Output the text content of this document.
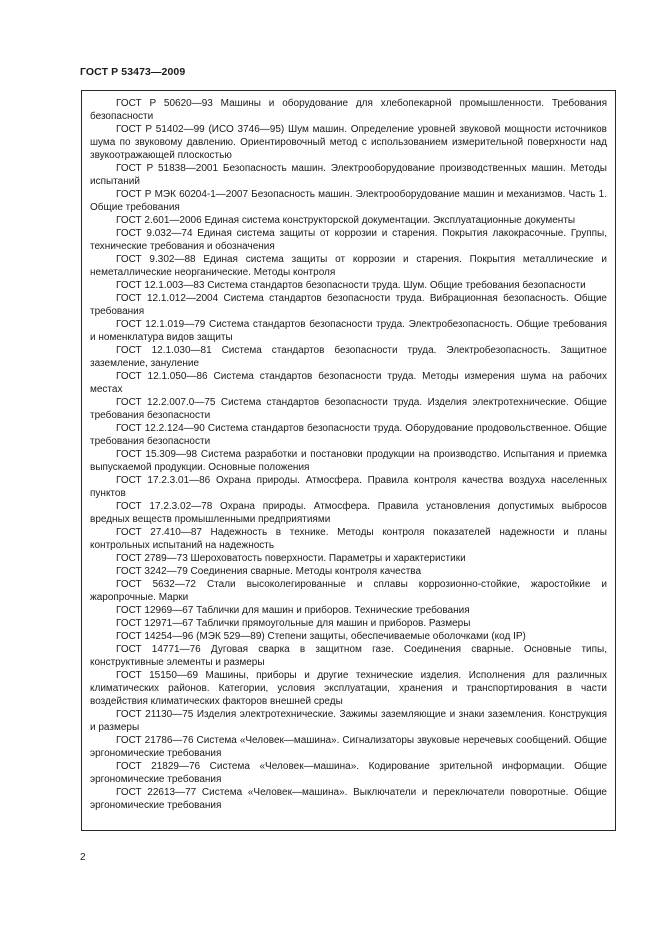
ГОСТ Р 53473—2009

ГОСТ Р 50620—93 Машины и оборудование для хлебопекарной промышленности. Требования безопасности

ГОСТ Р 51402—99 (ИСО 3746—95) Шум машин. Определение уровней звуковой мощности источников шума по звуковому давлению. Ориентировочный метод с использованием измерительной поверхности над звукоотражающей плоскостью

ГОСТ Р 51838—2001 Безопасность машин. Электрооборудование производственных машин. Методы испытаний

ГОСТ Р МЭК 60204-1—2007 Безопасность машин. Электрооборудование машин и механизмов. Часть 1. Общие требования

ГОСТ 2.601—2006 Единая система конструкторской документации. Эксплуатационные документы

ГОСТ 9.032—74 Единая система защиты от коррозии и старения. Покрытия лакокрасочные. Группы, технические требования и обозначения

ГОСТ 9.302—88 Единая система защиты от коррозии и старения. Покрытия металлические и неметаллические неорганические. Методы контроля

ГОСТ 12.1.003—83 Система стандартов безопасности труда. Шум. Общие требования безопасности

ГОСТ 12.1.012—2004 Система стандартов безопасности труда. Вибрационная безопасность. Общие требования

ГОСТ 12.1.019—79 Система стандартов безопасности труда. Электробезопасность. Общие требования и номенклатура видов защиты

ГОСТ 12.1.030—81 Система стандартов безопасности труда. Электробезопасность. Защитное заземление, зануление

ГОСТ 12.1.050—86 Система стандартов безопасности труда. Методы измерения шума на рабочих местах

ГОСТ 12.2.007.0—75 Система стандартов безопасности труда. Изделия электротехнические. Общие требования безопасности

ГОСТ 12.2.124—90 Система стандартов безопасности труда. Оборудование продовольственное. Общие требования безопасности

ГОСТ 15.309—98 Система разработки и постановки продукции на производство. Испытания и приемка выпускаемой продукции. Основные положения

ГОСТ 17.2.3.01—86 Охрана природы. Атмосфера. Правила контроля качества воздуха населенных пунктов

ГОСТ 17.2.3.02—78 Охрана природы. Атмосфера. Правила установления допустимых выбросов вредных веществ промышленными предприятиями

ГОСТ 27.410—87 Надежность в технике. Методы контроля показателей надежности и планы контрольных испытаний на надежность

ГОСТ 2789—73 Шероховатость поверхности. Параметры и характеристики

ГОСТ 3242—79 Соединения сварные. Методы контроля качества

ГОСТ 5632—72 Стали высоколегированные и сплавы коррозионно-стойкие, жаростойкие и жаропрочные. Марки

ГОСТ 12969—67 Таблички для машин и приборов. Технические требования

ГОСТ 12971—67 Таблички прямоугольные для машин и приборов. Размеры

ГОСТ 14254—96 (МЭК 529—89) Степени защиты, обеспечиваемые оболочками (код IP)

ГОСТ 14771—76 Дуговая сварка в защитном газе. Соединения сварные. Основные типы, конструктивные элементы и размеры

ГОСТ 15150—69 Машины, приборы и другие технические изделия. Исполнения для различных климатических районов. Категории, условия эксплуатации, хранения и транспортирования в части воздействия климатических факторов внешней среды

ГОСТ 21130—75 Изделия электротехнические. Зажимы заземляющие и знаки заземления. Конструкция и размеры

ГОСТ 21786—76 Система «Человек—машина». Сигнализаторы звуковые неречевых сообщений. Общие эргономические требования

ГОСТ 21829—76 Система «Человек—машина». Кодирование зрительной информации. Общие эргономические требования

ГОСТ 22613—77 Система «Человек—машина». Выключатели и переключатели поворотные. Общие эргономические требования

2
